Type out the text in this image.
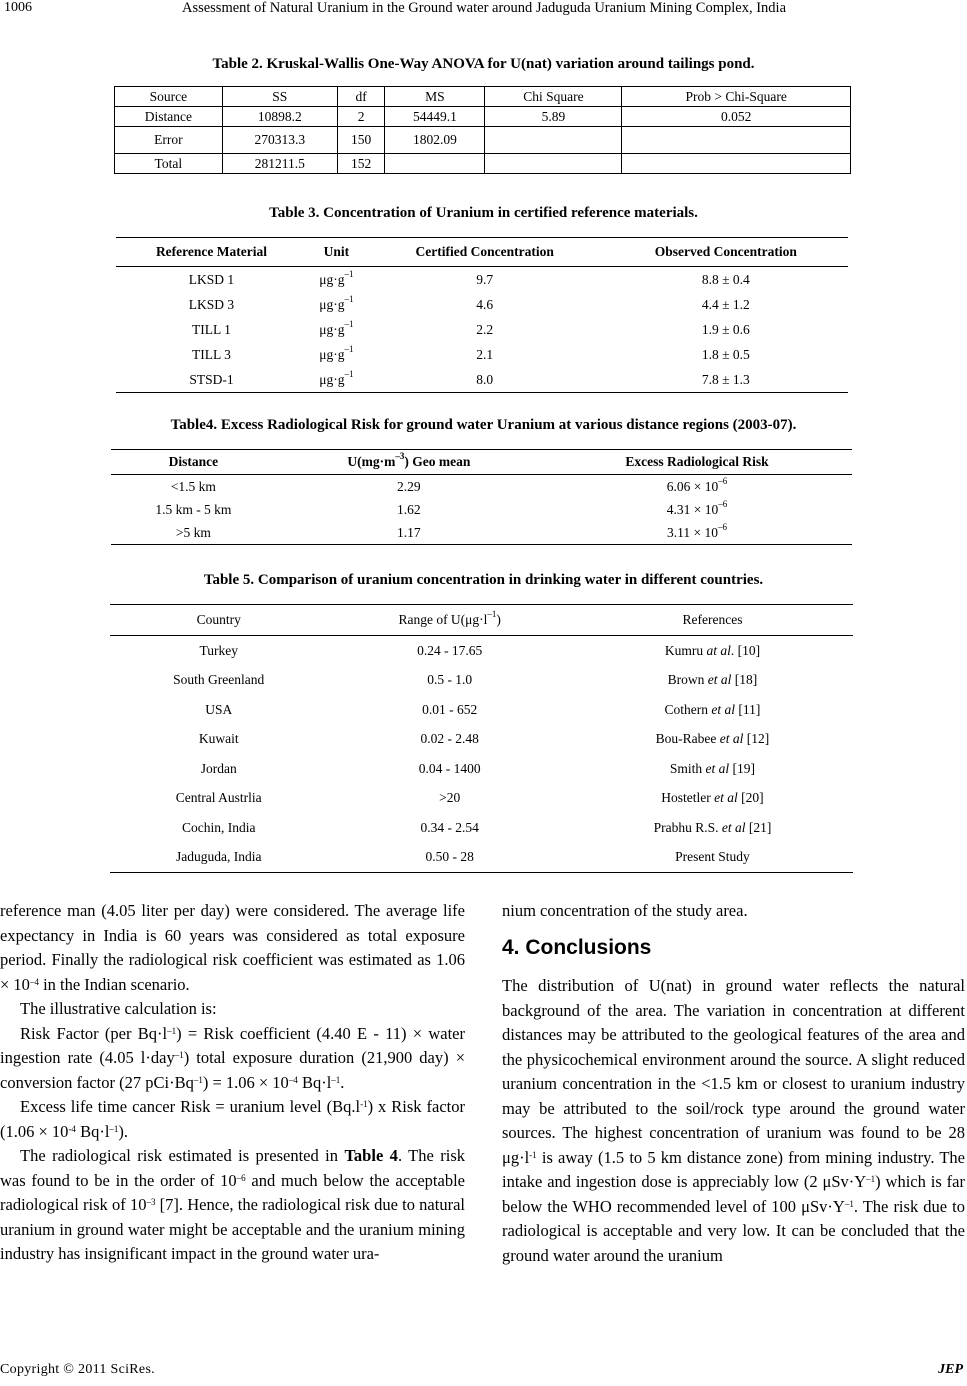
1006	Assessment of Natural Uranium in the Ground water around Jaduguda Uranium Mining Complex, India
Table 2. Kruskal-Wallis One-Way ANOVA for U(nat) variation around tailings pond.
Source	SS	df	MS	Chi Square	Prob > Chi-Square
Distance	10898.2	2	54449.1	5.89	0.052
Error	270313.3	150	1802.09		
Total	281211.5	152			
Table 3. Concentration of Uranium in certified reference materials.
Reference Material	Unit	Certified Concentration	Observed Concentration
LKSD 1	$\mu g\cdot g^{-1}$	9.7	8.8 ± 0.4
LKSD 3	$\mu g\cdot g^{-1}$	4.6	4.4 ± 1.2
TILL 1	$\mu g\cdot g^{-1}$	2.2	1.9 ± 0.6
TILL 3	$\mu g\cdot g^{-1}$	2.1	1.8 ± 0.5
STSD-1	$\mu g\cdot g^{-1}$	8.0	7.8 ± 1.3
Table4. Excess Radiological Risk for ground water Uranium at various distance regions (2003-07).
Distance	$U(mg\cdot m^{-3})$ Geo mean	Excess Radiological Risk
<1.5 km	2.29	$6.06 \times 10^{-6}$
1.5 km - 5 km	1.62	$4.31 \times 10^{-6}$
>5 km	1.17	$3.11 \times 10^{-6}$
Table 5. Comparison of uranium concentration in drinking water in different countries.
Country	Range of $U(\mu g\cdot l^{-1})$	References
Turkey	0.24 - 17.65	Kumru at al. [10]
South Greenland	0.5 - 1.0	Brown et al [18]
USA	0.01 - 652	Cothern et al [11]
Kuwait	0.02 - 2.48	Bou-Rabee et al [12]
Jordan	0.04 - 1400	Smith et al [19]
Central Austrlia	>20	Hostetler et al [20]
Cochin, India	0.34 - 2.54	Prabhu R.S. et al [21]
Jaduguda, India	0.50 - 28	Present Study

reference man (4.05 liter per day) were considered. The average life expectancy in India is 60 years was considered as total exposure period. Finally the radiological risk coefficient was estimated as $1.06 \times 10^{-4}$ in the Indian scenario.

The illustrative calculation is:

Risk Factor (per $Bq\cdot l^{-1}$) = Risk coefficient (4.40 E - 11) × water ingestion rate (4.05 l·day$^{-1}$) total exposure duration (21,900 day) × conversion factor (27 $pCi\cdot Bq^{-1}) = 1.06 \times 10^{-4}$ $Bq\cdot l^{-1}$.

Excess life time cancer Risk = uranium level $(Bq.l^{-1})$ x Risk factor ($1.06 \times 10^{-4}$ $Bq\cdot l^{-1}$).

The radiological risk estimated is presented in Table 4. The risk was found to be in the order of $10^{-6}$ and much below the acceptable radiological risk of $10^{-3}$ [7]. Hence, the radiological risk due to natural uranium in ground water might be acceptable and the uranium mining industry has insignificant impact in the ground water ura-

nium concentration of the study area.

4. Conclusions

The distribution of U(nat) in ground water reflects the natural background of the area. The variation in concentration at different distances may be attributed to the geological features of the area and the physicochemical environment around the source. A slight reduced uranium concentration in the <1.5 km or closest to uranium industry may be attributed to the soil/rock type around the ground water sources. The highest concentration of uranium was found to be 28 $\mu g\cdot l^{-1}$ is away (1.5 to 5 km distance zone) from mining industry. The intake and ingestion dose is appreciably low (2 $\mu Sv\cdot Y^{-1}$) which is far below the WHO recommended level of 100 $\mu Sv\cdot Y^{-1}$. The risk due to radiological is acceptable and very low. It can be concluded that the ground water around the uranium

Copyright © 2011 SciRes.	JEP
